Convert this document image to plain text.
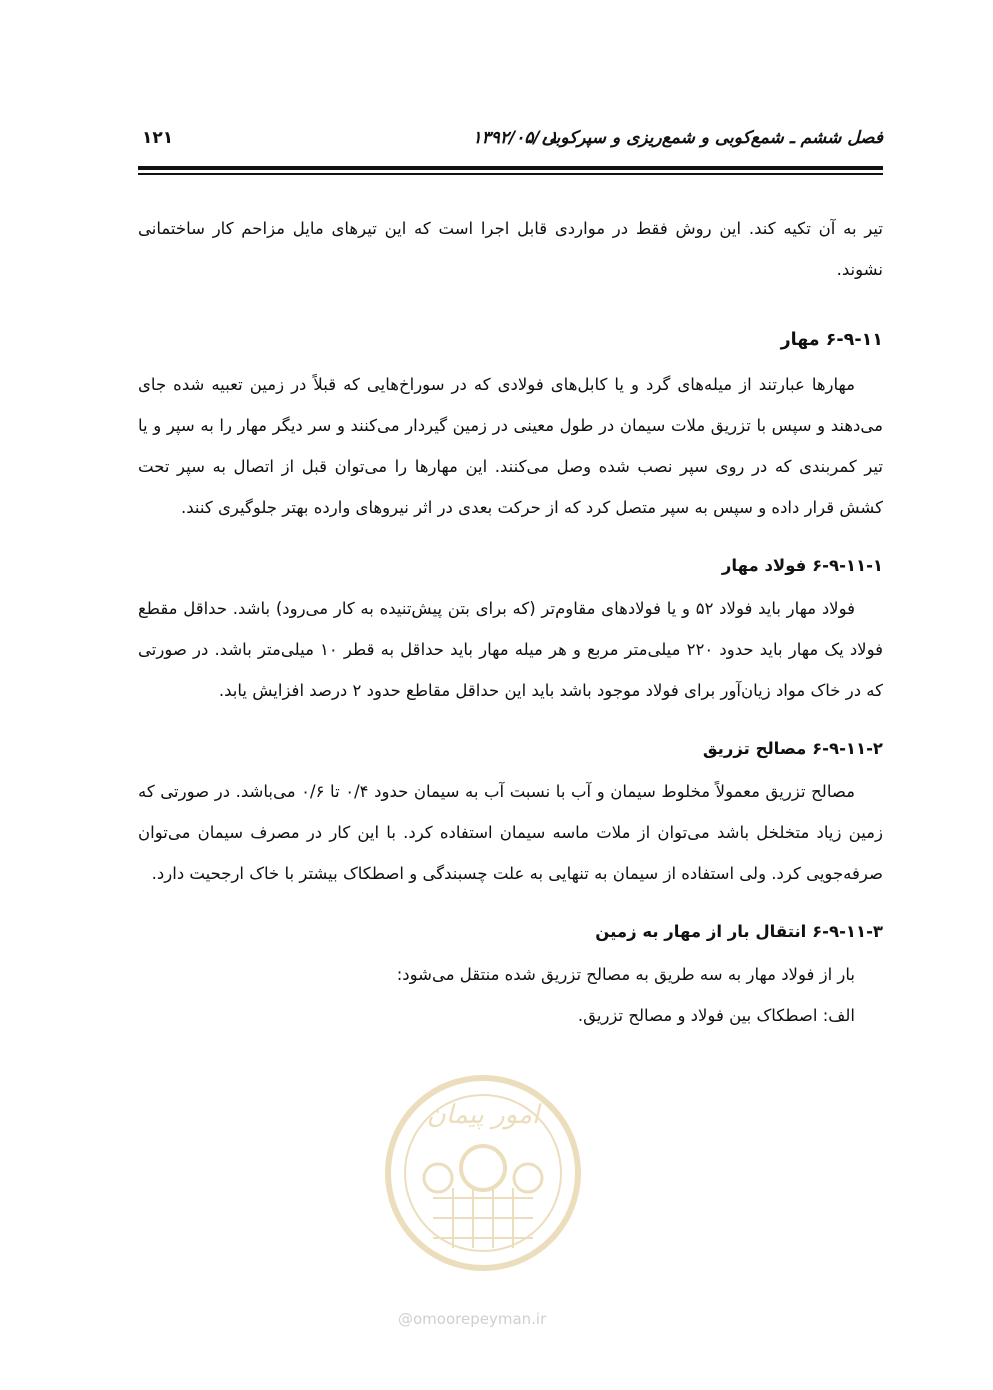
فصل ششم ـ شمع‌کوبی و شمع‌ریزی و سپرکوبی
۱۳۹۲/۰۵/۰۱
۱۲۱

تیر به آن تکیه کند. این روش فقط در مواردی قابل اجرا است که این تیرهای مایل مزاحم کار ساختمانی نشوند.

۶-۹-۱۱ مهار

مهارها عبارتند از میله‌های گرد و یا کابل‌های فولادی که در سوراخ‌هایی که قبلاً در زمین تعبیه شده جای می‌دهند و سپس با تزریق ملات سیمان در طول معینی در زمین گیردار می‌کنند و سر دیگر مهار را به سپر و یا تیر کمربندی که در روی سپر نصب شده وصل می‌کنند. این مهارها را می‌توان قبل از اتصال به سپر تحت کشش قرار داده و سپس به سپر متصل کرد که از حرکت بعدی در اثر نیروهای وارده بهتر جلوگیری کنند.

۶-۹-۱۱-۱ فولاد مهار

فولاد مهار باید فولاد ۵۲ و یا فولادهای مقاوم‌تر (که برای بتن پیش‌تنیده به کار می‌رود) باشد. حداقل مقطع فولاد یک مهار باید حدود ۲۲۰ میلی‌متر مربع و هر میله مهار باید حداقل به قطر ۱۰ میلی‌متر باشد. در صورتی که در خاک مواد زیان‌آور برای فولاد موجود باشد باید این حداقل مقاطع حدود ۲ درصد افزایش یابد.

۶-۹-۱۱-۲ مصالح تزریق

مصالح تزریق معمولاً مخلوط سیمان و آب با نسبت آب به سیمان حدود ۰/۴ تا ۰/۶ می‌باشد. در صورتی که زمین زیاد متخلخل باشد می‌توان از ملات ماسه سیمان استفاده کرد. با این کار در مصرف سیمان می‌توان صرفه‌جویی کرد. ولی استفاده از سیمان به تنهایی به علت چسبندگی و اصطکاک بیشتر با خاک ارجحیت دارد.

۶-۹-۱۱-۳ انتقال بار از مهار به زمین

بار از فولاد مهار به سه طریق به مصالح تزریق شده منتقل می‌شود:

الف: اصطکاک بین فولاد و مصالح تزریق.

امور پیمان
@omoorepeyman.ir
